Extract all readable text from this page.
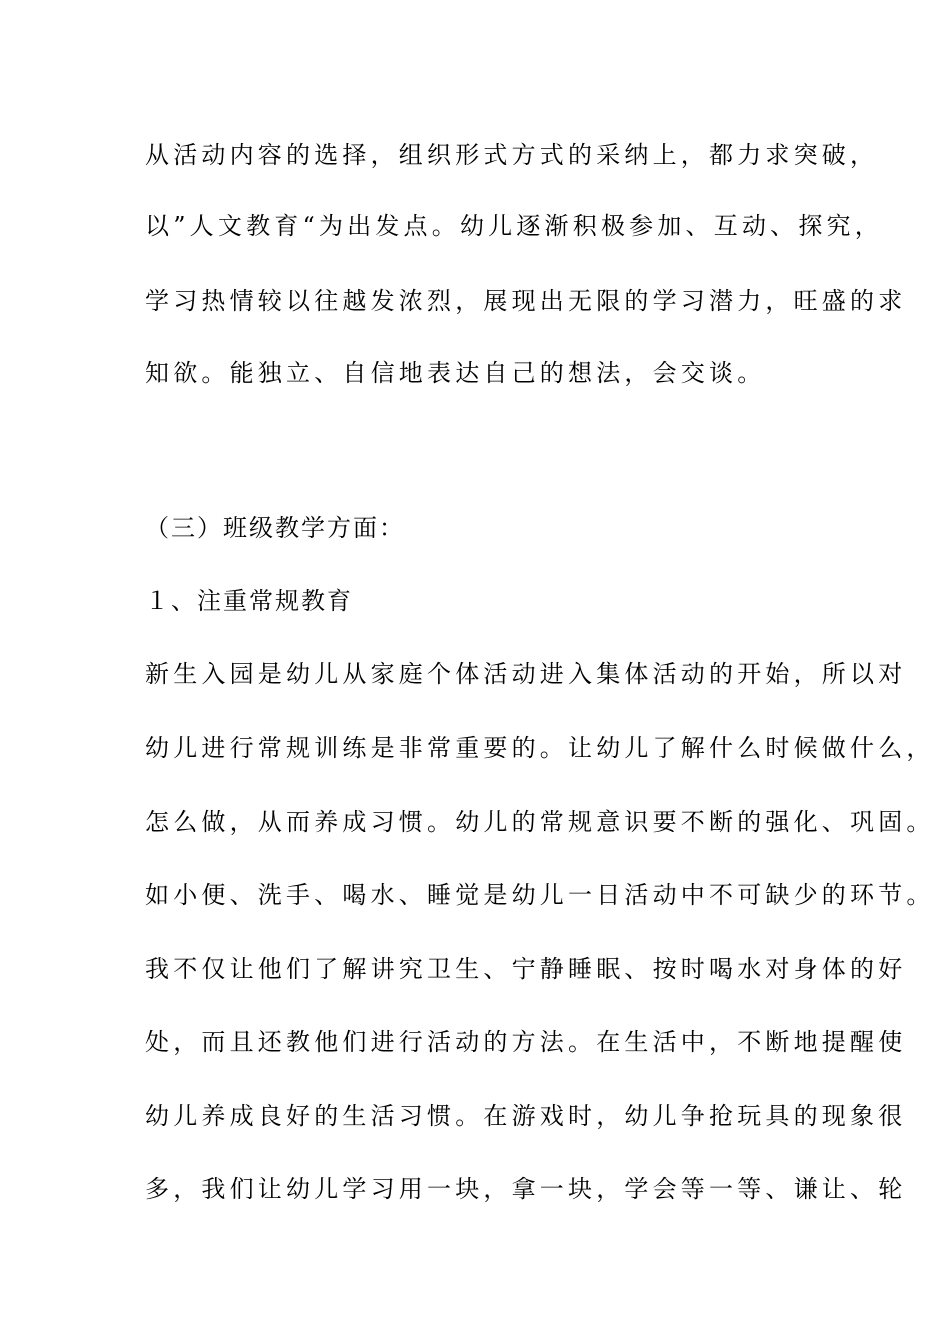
从活动内容的选择，组织形式方式的采纳上，都力求突破，
以”人文教育“为出发点。幼儿逐渐积极参加、互动、探究，
学习热情较以往越发浓烈，展现出无限的学习潜力，旺盛的求
知欲。能独立、自信地表达自己的想法，会交谈。
（三）班级教学方面：
１、注重常规教育
新生入园是幼儿从家庭个体活动进入集体活动的开始，所以对
幼儿进行常规训练是非常重要的。让幼儿了解什么时候做什么，
怎么做，从而养成习惯。幼儿的常规意识要不断的强化、巩固。
如小便、洗手、喝水、睡觉是幼儿一日活动中不可缺少的环节。
我不仅让他们了解讲究卫生、宁静睡眠、按时喝水对身体的好
处，而且还教他们进行活动的方法。在生活中，不断地提醒使
幼儿养成良好的生活习惯。在游戏时，幼儿争抢玩具的现象很
多，我们让幼儿学习用一块，拿一块，学会等一等、谦让、轮
